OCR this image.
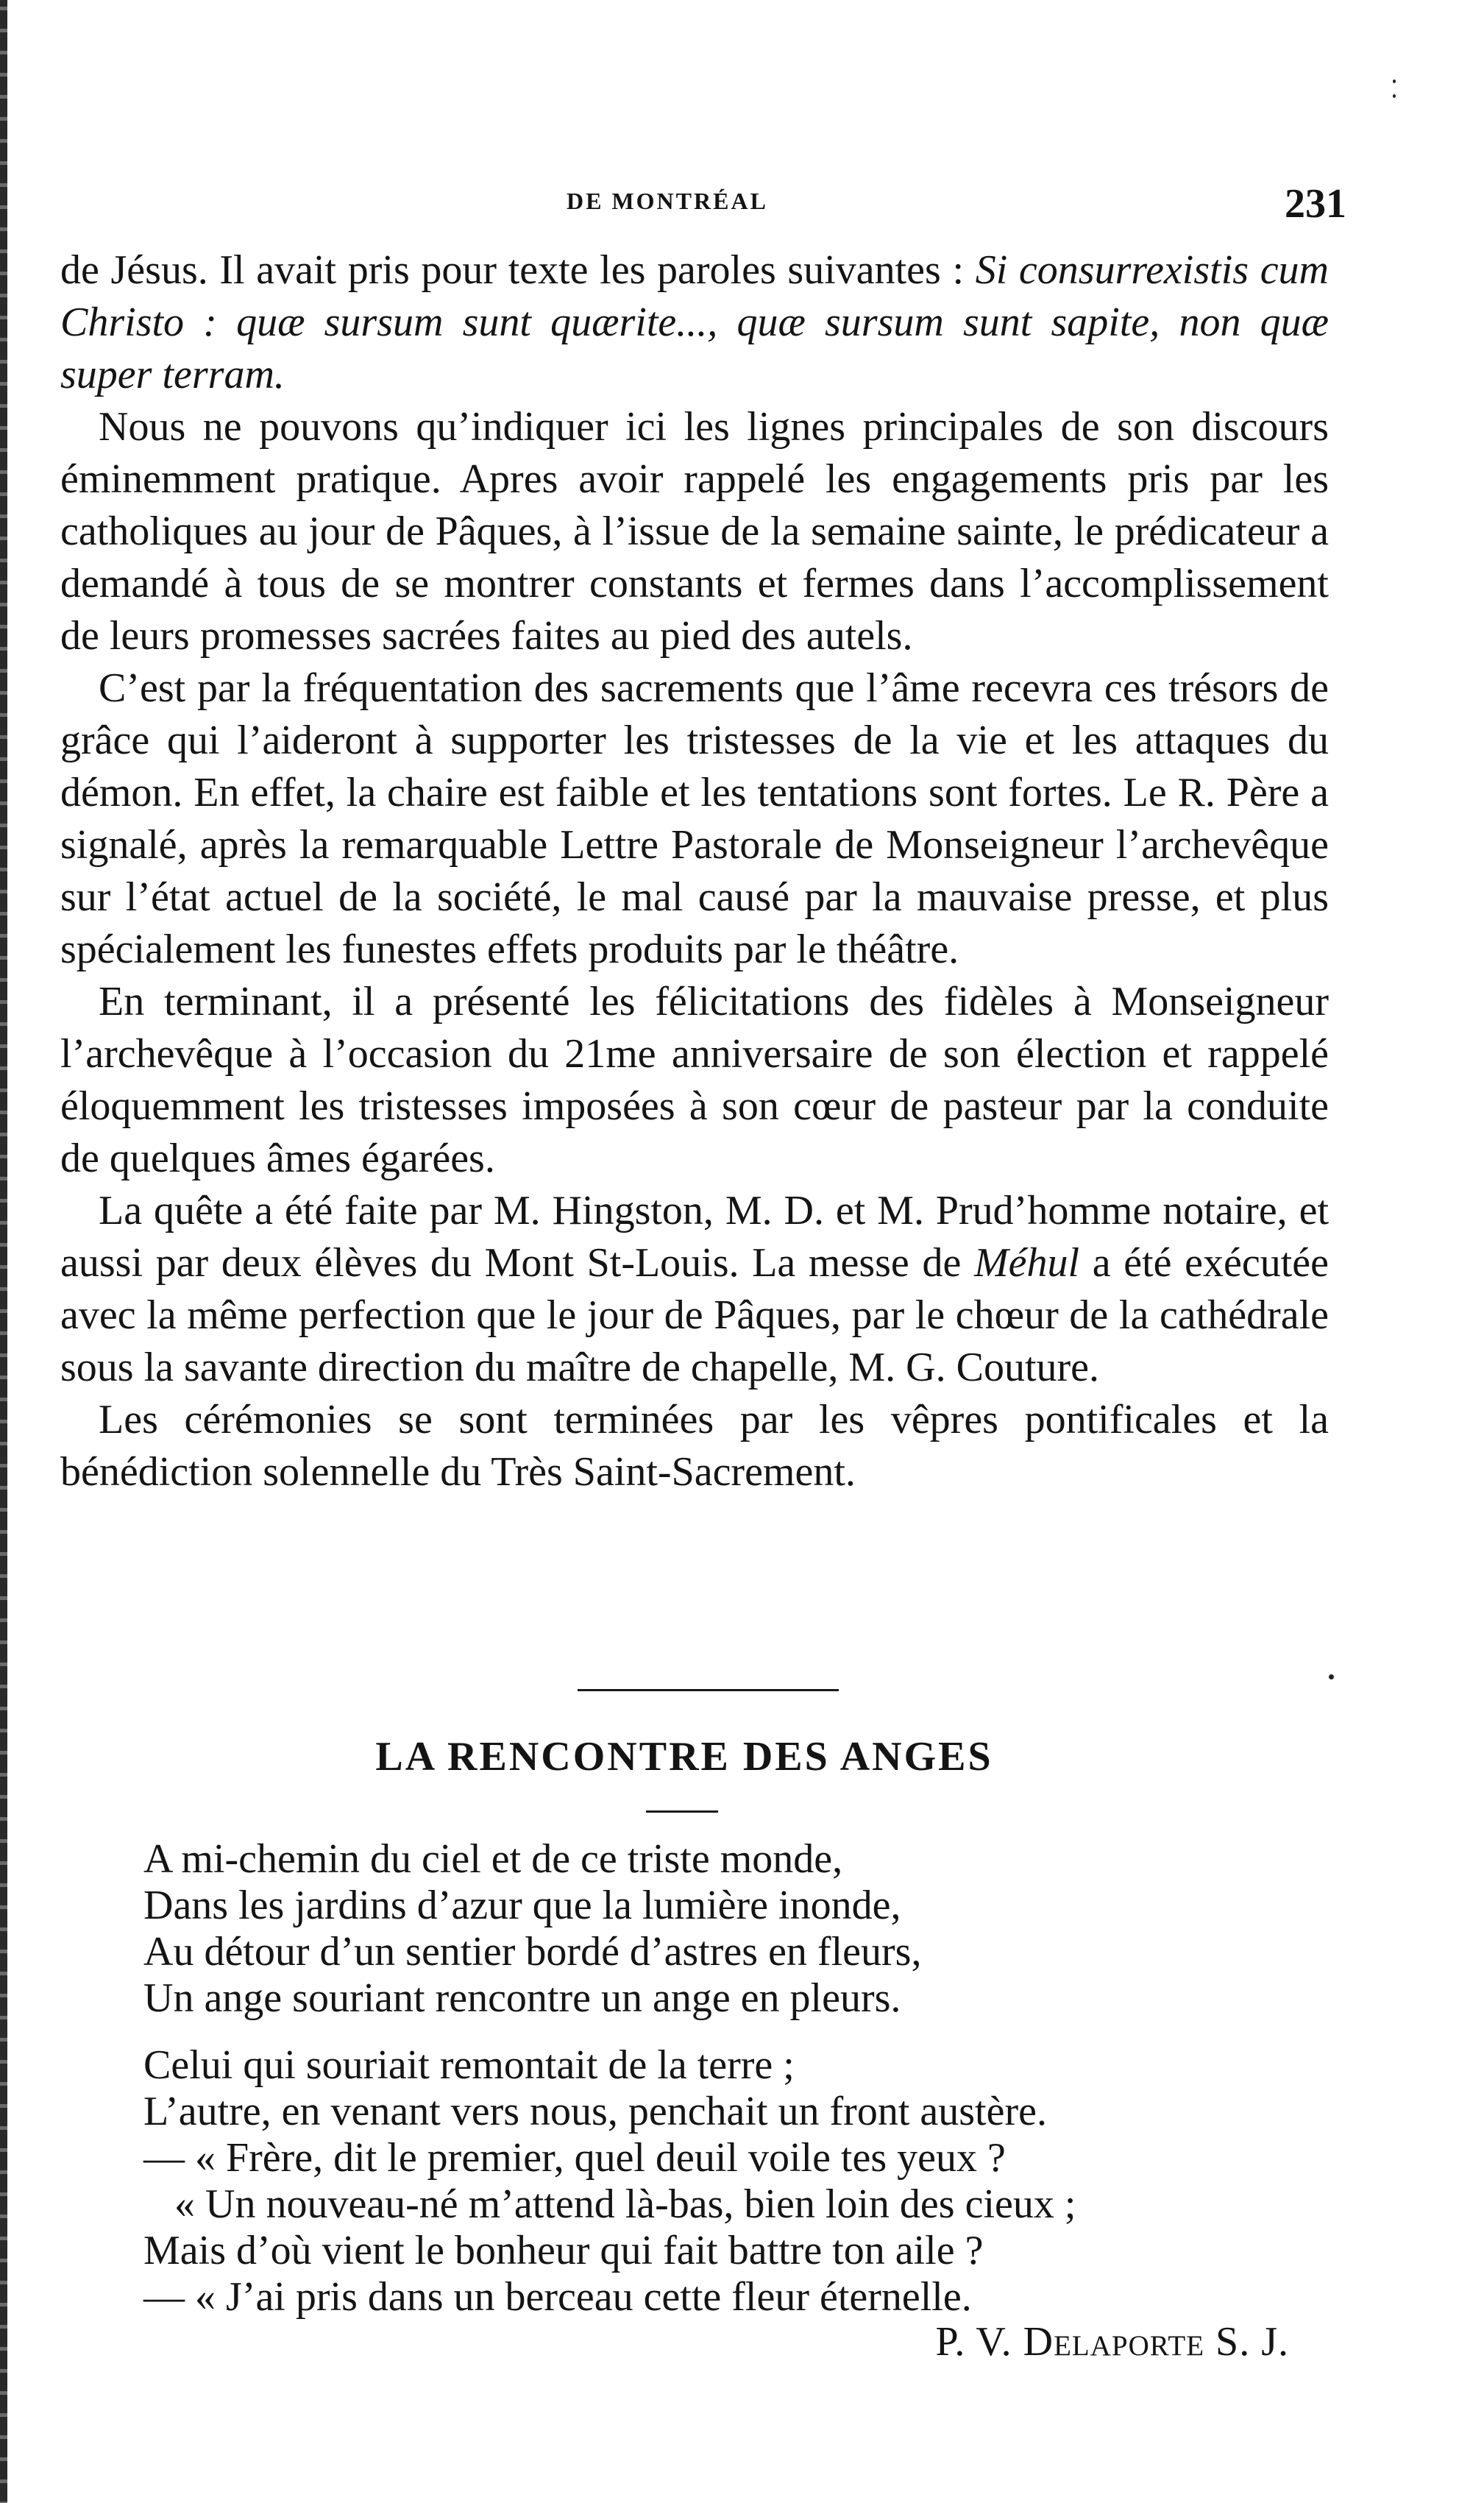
DE MONTRÉAL	231

de Jésus. Il avait pris pour texte les paroles suivantes : Si consurrexistis cum Christo : quæ sursum sunt quærite..., quæ sursum sunt sapite, non quæ super terram.

Nous ne pouvons qu’indiquer ici les lignes principales de son discours éminemment pratique. Apres avoir rappelé les engagements pris par les catholiques au jour de Pâques, à l’issue de la semaine sainte, le prédicateur a demandé à tous de se montrer constants et fermes dans l’accomplissement de leurs promesses sacrées faites au pied des autels.

C’est par la fréquentation des sacrements que l’âme recevra ces trésors de grâce qui l’aideront à supporter les tristesses de la vie et les attaques du démon. En effet, la chaire est faible et les tentations sont fortes. Le R. Père a signalé, après la remarquable Lettre Pastorale de Monseigneur l’archevêque sur l’état actuel de la société, le mal causé par la mauvaise presse, et plus spécialement les funestes effets produits par le théâtre.

En terminant, il a présenté les félicitations des fidèles à Monseigneur l’archevêque à l’occasion du 21me anniversaire de son élection et rappelé éloquemment les tristesses imposées à son cœur de pasteur par la conduite de quelques âmes égarées.

La quête a été faite par M. Hingston, M. D. et M. Prud’homme notaire, et aussi par deux élèves du Mont St-Louis. La messe de Méhul a été exécutée avec la même perfection que le jour de Pâques, par le chœur de la cathédrale sous la savante direction du maître de chapelle, M. G. Couture.

Les cérémonies se sont terminées par les vêpres pontificales et la bénédiction solennelle du Très Saint-Sacrement.

LA RENCONTRE DES ANGES
A mi-chemin du ciel et de ce triste monde,
Dans les jardins d’azur que la lumière inonde,
Au détour d’un sentier bordé d’astres en fleurs,
Un ange souriant rencontre un ange en pleurs.
Celui qui souriait remontait de la terre ;
L’autre, en venant vers nous, penchait un front austère.
— « Frère, dit le premier, quel deuil voile tes yeux ?
« Un nouveau-né m’attend là-bas, bien loin des cieux ;
Mais d’où vient le bonheur qui fait battre ton aile ?
— « J’ai pris dans un berceau cette fleur éternelle.
P. V. Delaporte S. J.
